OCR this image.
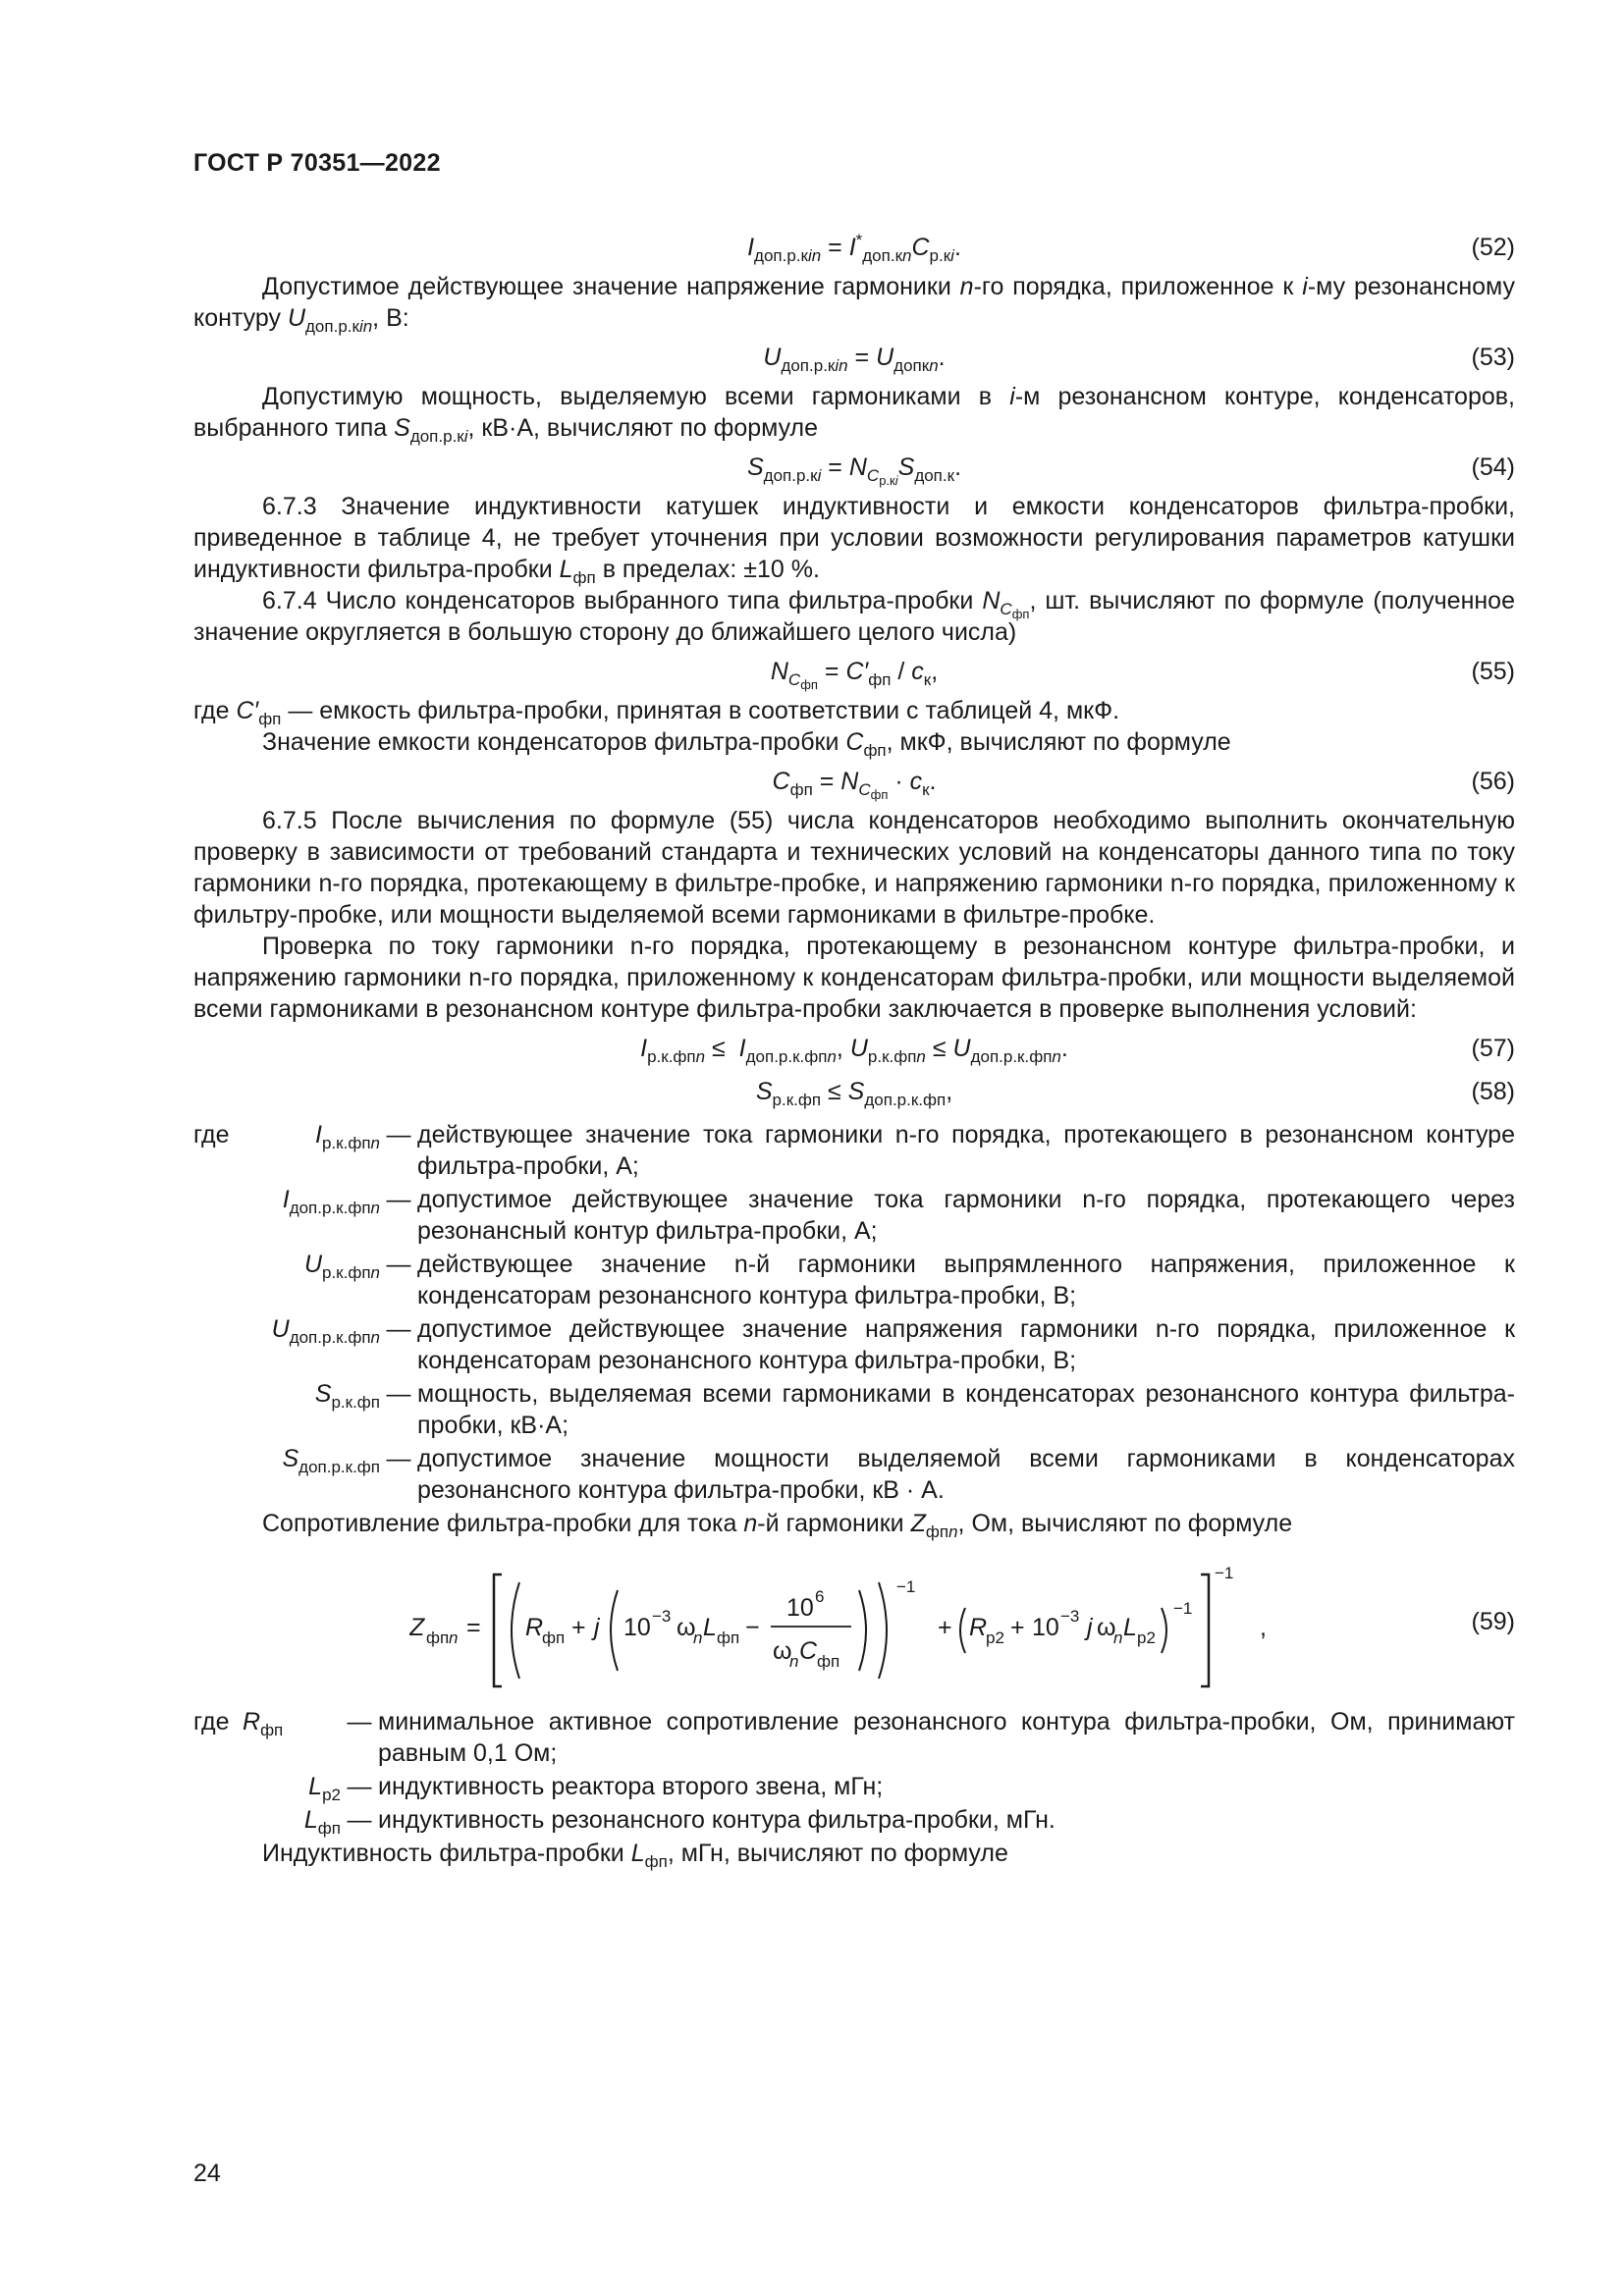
ГОСТ Р 70351—2022
$I_{доп.р.кin} = I^*_{доп.кn}C_{р.кi}$.	(52)

Допустимое действующее значение напряжение гармоники n-го порядка, приложенное к i-му резонансному контуру $U_{доп.р.кin}$, В:

$U_{доп.р.кin} = U_{допкn}$.	(53)

Допустимую мощность, выделяемую всеми гармониками в i-м резонансном контуре, конденсаторов, выбранного типа $S_{доп.р.кi}$, кВ·А, вычисляют по формуле

$S_{доп.р.кi} = N_{C_{р.кi}}S_{доп.к}$.	(54)

6.7.3 Значение индуктивности катушек индуктивности и емкости конденсаторов фильтра-пробки, приведенное в таблице 4, не требует уточнения при условии возможности регулирования параметров катушки индуктивности фильтра-пробки $L_{фп}$ в пределах: ±10 %.

6.7.4 Число конденсаторов выбранного типа фильтра-пробки $N_{C_{фп}}$, шт. вычисляют по формуле (полученное значение округляется в большую сторону до ближайшего целого числа)

$N_{C_{фп}} = C'_{фп} / c_к$,	(55)

где $C'_{фп}$ — емкость фильтра-пробки, принятая в соответствии с таблицей 4, мкФ.

Значение емкости конденсаторов фильтра-пробки $C_{фп}$, мкФ, вычисляют по формуле

$C_{фп} = N_{C_{фп}} \cdot c_к$.	(56)

6.7.5 После вычисления по формуле (55) числа конденсаторов необходимо выполнить окончательную проверку в зависимости от требований стандарта и технических условий на конденсаторы данного типа по току гармоники n-го порядка, протекающему в фильтре-пробке, и напряжению гармоники n-го порядка, приложенному к фильтру-пробке, или мощности выделяемой всеми гармониками в фильтре-пробке.

Проверка по току гармоники n-го порядка, протекающему в резонансном контуре фильтра-пробки, и напряжению гармоники n-го порядка, приложенному к конденсаторам фильтра-пробки, или мощности выделяемой всеми гармониками в резонансном контуре фильтра-пробки заключается в проверке выполнения условий:

$I_{р.к.фпn} \le I_{доп.р.к.фпn}$, $U_{р.к.фпn} \le U_{доп.р.к.фпn}$.	(57)
$S_{р.к.фп} \le S_{доп.р.к.фп}$,	(58)
где	$I_{р.к.фпn}$ — действующее значение тока гармоники n-го порядка, протекающего в резонансном контуре фильтра-пробки, А;
$I_{доп.р.к.фпn}$ — допустимое действующее значение тока гармоники n-го порядка, протекающего через резонансный контур фильтра-пробки, А;
$U_{р.к.фпn}$ — действующее значение n-й гармоники выпрямленного напряжения, приложенное к конденсаторам резонансного контура фильтра-пробки, В;
$U_{доп.р.к.фпn}$ — допустимое действующее значение напряжения гармоники n-го порядка, приложенное к конденсаторам резонансного контура фильтра-пробки, В;
$S_{р.к.фп}$ — мощность, выделяемая всеми гармониками в конденсаторах резонансного контура фильтра-пробки, кВ·А;
$S_{доп.р.к.фп}$ — допустимое значение мощности выделяемой всеми гармониками в конденсаторах резонансного контура фильтра-пробки, кВ · А.

Сопротивление фильтра-пробки для тока n-й гармоники $Z_{фпn}$, Ом, вычисляют по формуле

Z фп n = R
фп + j 10 −3 ω
n L фп −
10 6
ω
n C фп
−1
+ R
р2 + 10 −3 j ω
n L р2
−1
−1
,	(59)
где $R_{фп}$	— минимальное активное сопротивление резонансного контура фильтра-пробки, Ом, принимают равным 0,1 Ом;
$L_{р2}$ — индуктивность реактора второго звена, мГн;
$L_{фп}$ — индуктивность резонансного контура фильтра-пробки, мГн.

Индуктивность фильтра-пробки $L_{фп}$, мГн, вычисляют по формуле

24
